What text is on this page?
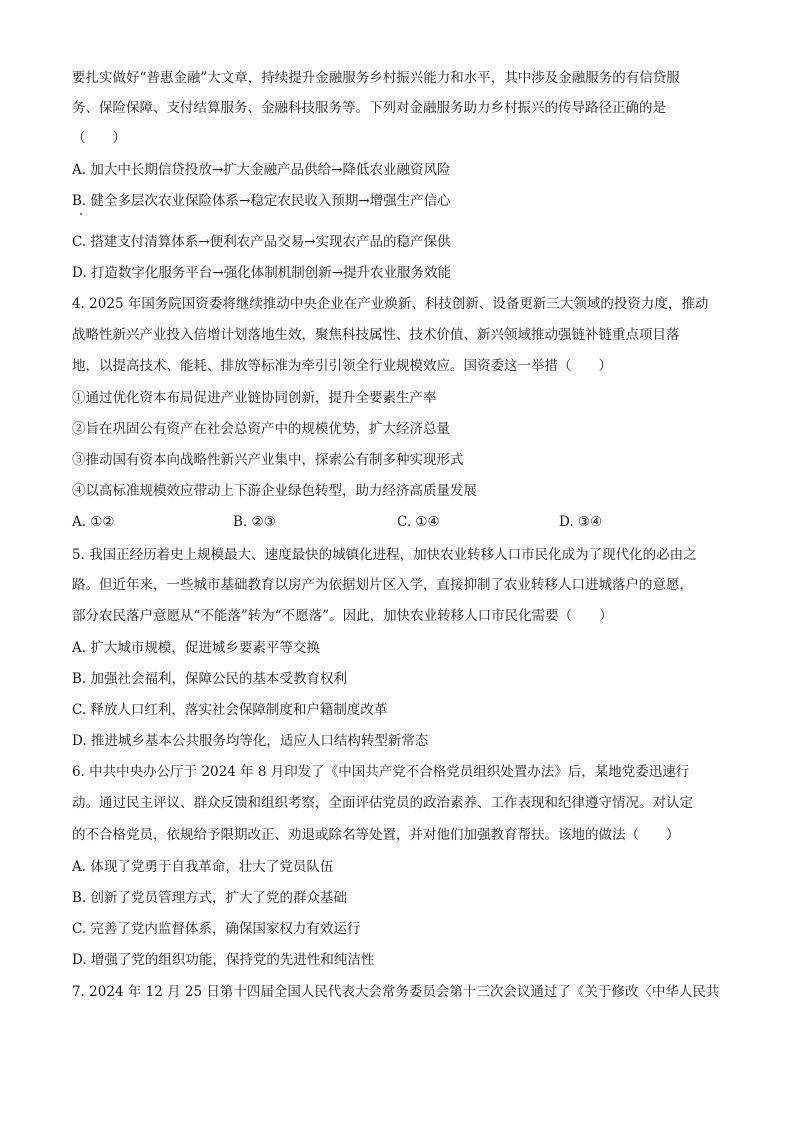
要扎实做好“普惠金融”大文章，持续提升金融服务乡村振兴能力和水平，其中涉及金融服务的有信贷服
务、保险保障、支付结算服务、金融科技服务等。下列对金融服务助力乡村振兴的传导路径正确的是
（　　）
A. 加大中长期信贷投放→扩大金融产品供给→降低农业融资风险
B. 健全多层次农业保险体系→稳定农民收入预期→增强生产信心
C. 搭建支付清算体系→便利农产品交易→实现农产品的稳产保供
D. 打造数字化服务平台→强化体制机制创新→提升农业服务效能
4. 2025 年国务院国资委将继续推动中央企业在产业焕新、科技创新、设备更新三大领域的投资力度，推动
战略性新兴产业投入倍增计划落地生效，聚焦科技属性、技术价值、新兴领域推动强链补链重点项目落
地，以提高技术、能耗、排放等标准为牵引引领全行业规模效应。国资委这一举措（　　）
①通过优化资本布局促进产业链协同创新，提升全要素生产率
②旨在巩固公有资产在社会总资产中的规模优势，扩大经济总量
③推动国有资本向战略性新兴产业集中，探索公有制多种实现形式
④以高标准规模效应带动上下游企业绿色转型，助力经济高质量发展
A. ①②	B. ②③	C. ①④	D. ③④
5. 我国正经历着史上规模最大、速度最快的城镇化进程，加快农业转移人口市民化成为了现代化的必由之
路。但近年来，一些城市基础教育以房产为依据划片区入学，直接抑制了农业转移人口进城落户的意愿，
部分农民落户意愿从“不能落”转为“不愿落”。因此，加快农业转移人口市民化需要（　　）
A. 扩大城市规模，促进城乡要素平等交换
B. 加强社会福利，保障公民的基本受教育权利
C. 释放人口红利，落实社会保障制度和户籍制度改革
D. 推进城乡基本公共服务均等化，适应人口结构转型新常态
6. 中共中央办公厅于 2024 年 8 月印发了《中国共产党不合格党员组织处置办法》后，某地党委迅速行
动。通过民主评议、群众反馈和组织考察，全面评估党员的政治素养、工作表现和纪律遵守情况。对认定
的不合格党员，依规给予限期改正、劝退或除名等处置，并对他们加强教育帮扶。该地的做法（　　）
A. 体现了党勇于自我革命，壮大了党员队伍
B. 创新了党员管理方式，扩大了党的群众基础
C. 完善了党内监督体系，确保国家权力有效运行
D. 增强了党的组织功能，保持党的先进性和纯洁性
7. 2024 年 12 月 25 日第十四届全国人民代表大会常务委员会第十三次会议通过了《关于修改〈中华人民共
